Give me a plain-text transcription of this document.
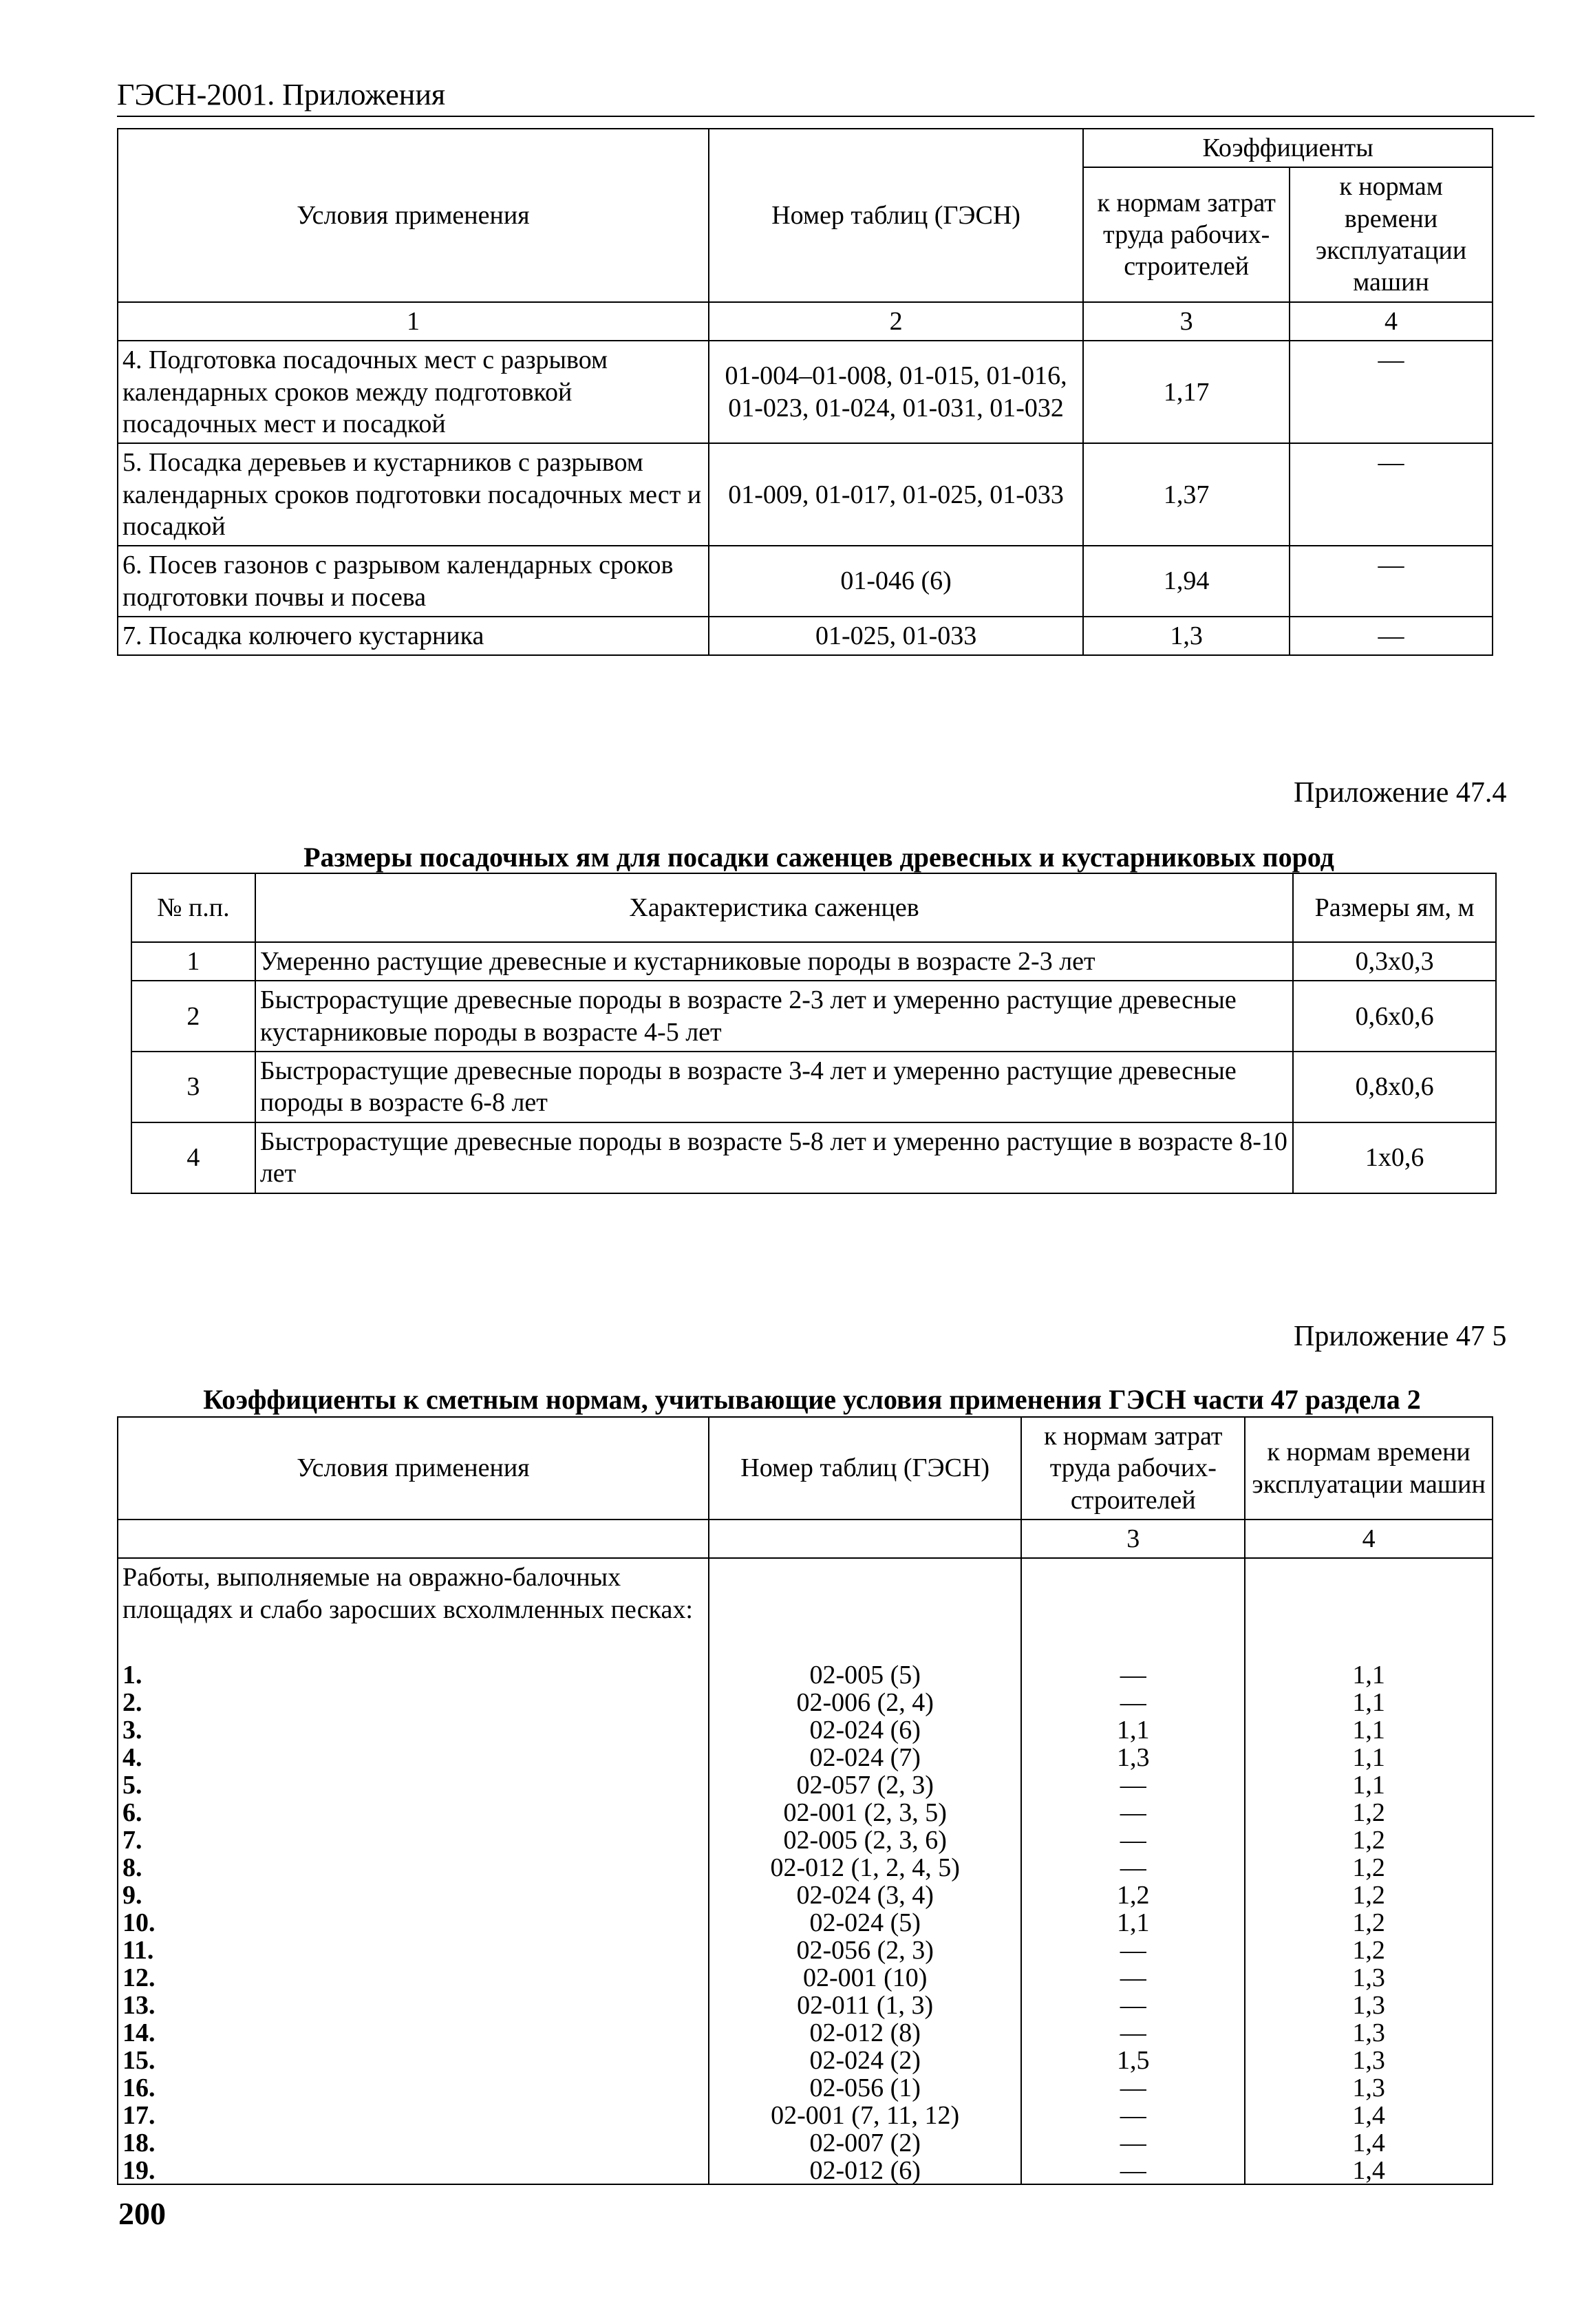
ГЭСН-2001. Приложения
Условия применения	Номер таблиц (ГЭСН)	Коэффициенты	
		к нормам затрат труда рабочих-строителей	к нормам времени эксплуатации машин
1	2	3	4
4. Подготовка посадочных мест с разрывом календарных сроков между подготовкой посадочных мест и посадкой	01-004–01-008, 01-015, 01-016, 01-023, 01-024, 01-031, 01-032	1,17	—
5. Посадка деревьев и кустарников с разрывом календарных сроков подготовки посадочных мест и посадкой	01-009, 01-017, 01-025, 01-033	1,37	—
6. Посев газонов с разрывом календарных сроков подготовки почвы и посева	01-046 (6)	1,94	—
7. Посадка колючего кустарника	01-025, 01-033	1,3	—
Приложение 47.4
Размеры посадочных ям для посадки саженцев древесных и кустарниковых пород
№ п.п.	Характеристика саженцев	Размеры ям, м
1	Умеренно растущие древесные и кустарниковые породы в возрасте 2-3 лет	0,3x0,3
2	Быстрорастущие древесные породы в возрасте 2-3 лет и умеренно растущие древесные кустарниковые породы в возрасте 4-5 лет	0,6x0,6
3	Быстрорастущие древесные породы в возрасте 3-4 лет и умеренно растущие древесные породы в возрасте 6-8 лет	0,8x0,6
4	Быстрорастущие древесные породы в возрасте 5-8 лет и умеренно растущие в возрасте 8-10 лет	1x0,6
Приложение 47 5
Коэффициенты к сметным нормам, учитывающие условия применения ГЭСН части 47 раздела 2
Условия применения	Номер таблиц (ГЭСН)	к нормам затрат труда рабочих-строителей	к нормам времени эксплуатации машин
		3	4
Работы, выполняемые на овражно-балочных площадях и слабо заросших всхолмленных песках:			
1.	02-005 (5)	—	1,1
2.	02-006 (2, 4)	—	1,1
3.	02-024 (6)	1,1	1,1
4.	02-024 (7)	1,3	1,1
5.	02-057 (2, 3)	—	1,1
6.	02-001 (2, 3, 5)	—	1,2
7.	02-005 (2, 3, 6)	—	1,2
8.	02-012 (1, 2, 4, 5)	—	1,2
9.	02-024 (3, 4)	1,2	1,2
10.	02-024 (5)	1,1	1,2
11.	02-056 (2, 3)	—	1,2
12.	02-001 (10)	—	1,3
13.	02-011 (1, 3)	—	1,3
14.	02-012 (8)	—	1,3
15.	02-024 (2)	1,5	1,3
16.	02-056 (1)	—	1,3
17.	02-001 (7, 11, 12)	—	1,4
18.	02-007 (2)	—	1,4
19.	02-012 (6)	—	1,4
200
